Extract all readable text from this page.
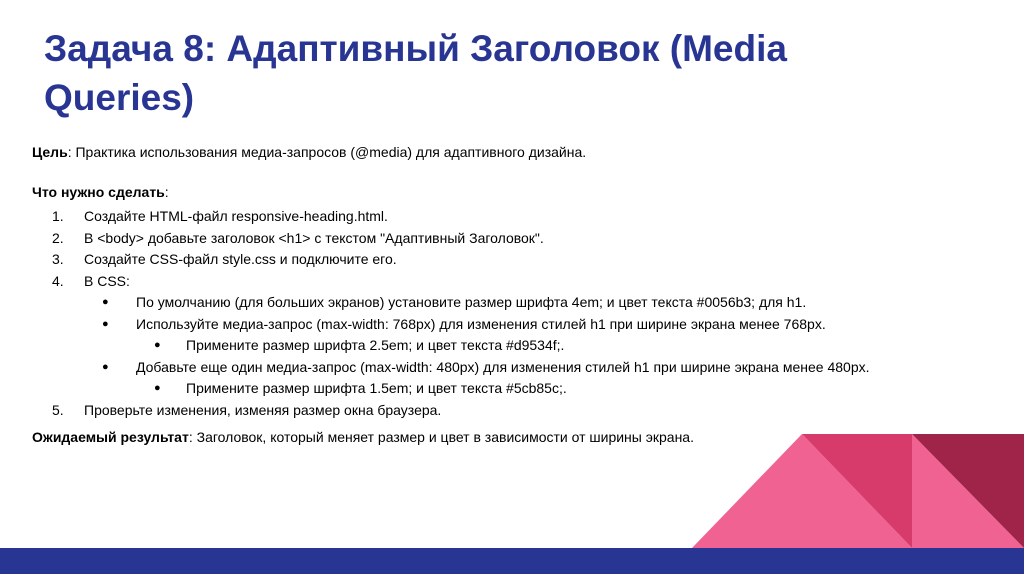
Задача 8: Адаптивный Заголовок (Media Queries)

Цель: Практика использования медиа-запросов (@media) для адаптивного дизайна.

Что нужно сделать:

1. Создайте HTML-файл responsive-heading.html.
2. В <body> добавьте заголовок <h1> с текстом "Адаптивный Заголовок".
3. Создайте CSS-файл style.css и подключите его.
4. В CSS:
● По умолчанию (для больших экранов) установите размер шрифта 4em; и цвет текста #0056b3; для h1.
● Используйте медиа-запрос (max-width: 768px) для изменения стилей h1 при ширине экрана менее 768px.
● Примените размер шрифта 2.5em; и цвет текста #d9534f;.
● Добавьте еще один медиа-запрос (max-width: 480px) для изменения стилей h1 при ширине экрана менее 480px.
● Примените размер шрифта 1.5em; и цвет текста #5cb85c;.
5. Проверьте изменения, изменяя размер окна браузера.

Ожидаемый результат: Заголовок, который меняет размер и цвет в зависимости от ширины экрана.
